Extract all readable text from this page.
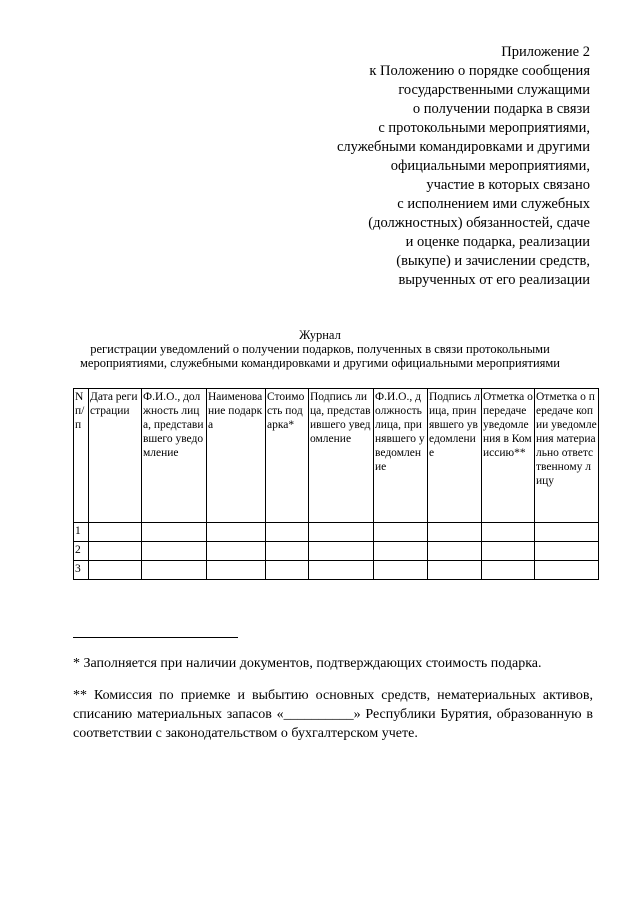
Приложение 2
к Положению о порядке сообщения
государственными служащими
о получении подарка в связи
с протокольными мероприятиями,
служебными командировками и другими
официальными мероприятиями,
участие в которых связано
с исполнением ими служебных
(должностных) обязанностей, сдаче
и оценке подарка, реализации
(выкупе) и зачислении средств,
вырученных от его реализации
Журнал
регистрации уведомлений о получении подарков, полученных в связи протокольными
мероприятиями, служебными командировками и другими официальными мероприятиями
N п/п	Дата регистрации	Ф.И.О., должность лица, представившего уведомление	Наименование подарка	Стоимость подарка*	Подпись лица, представившего уведомление	Ф.И.О., должность лица, принявшего уведомление	Подпись лица, принявшего уведомление	Отметка о передаче уведомления в Комиссию**	Отметка о передаче копии уведомления материально ответственному лицу
1									
2									
3									
* Заполняется при наличии документов, подтверждающих стоимость подарка.
** Комиссия по приемке и выбытию основных средств, нематериальных активов, списанию материальных запасов «__________» Республики Бурятия, образованную в соответствии с законодательством о бухгалтерском учете.
